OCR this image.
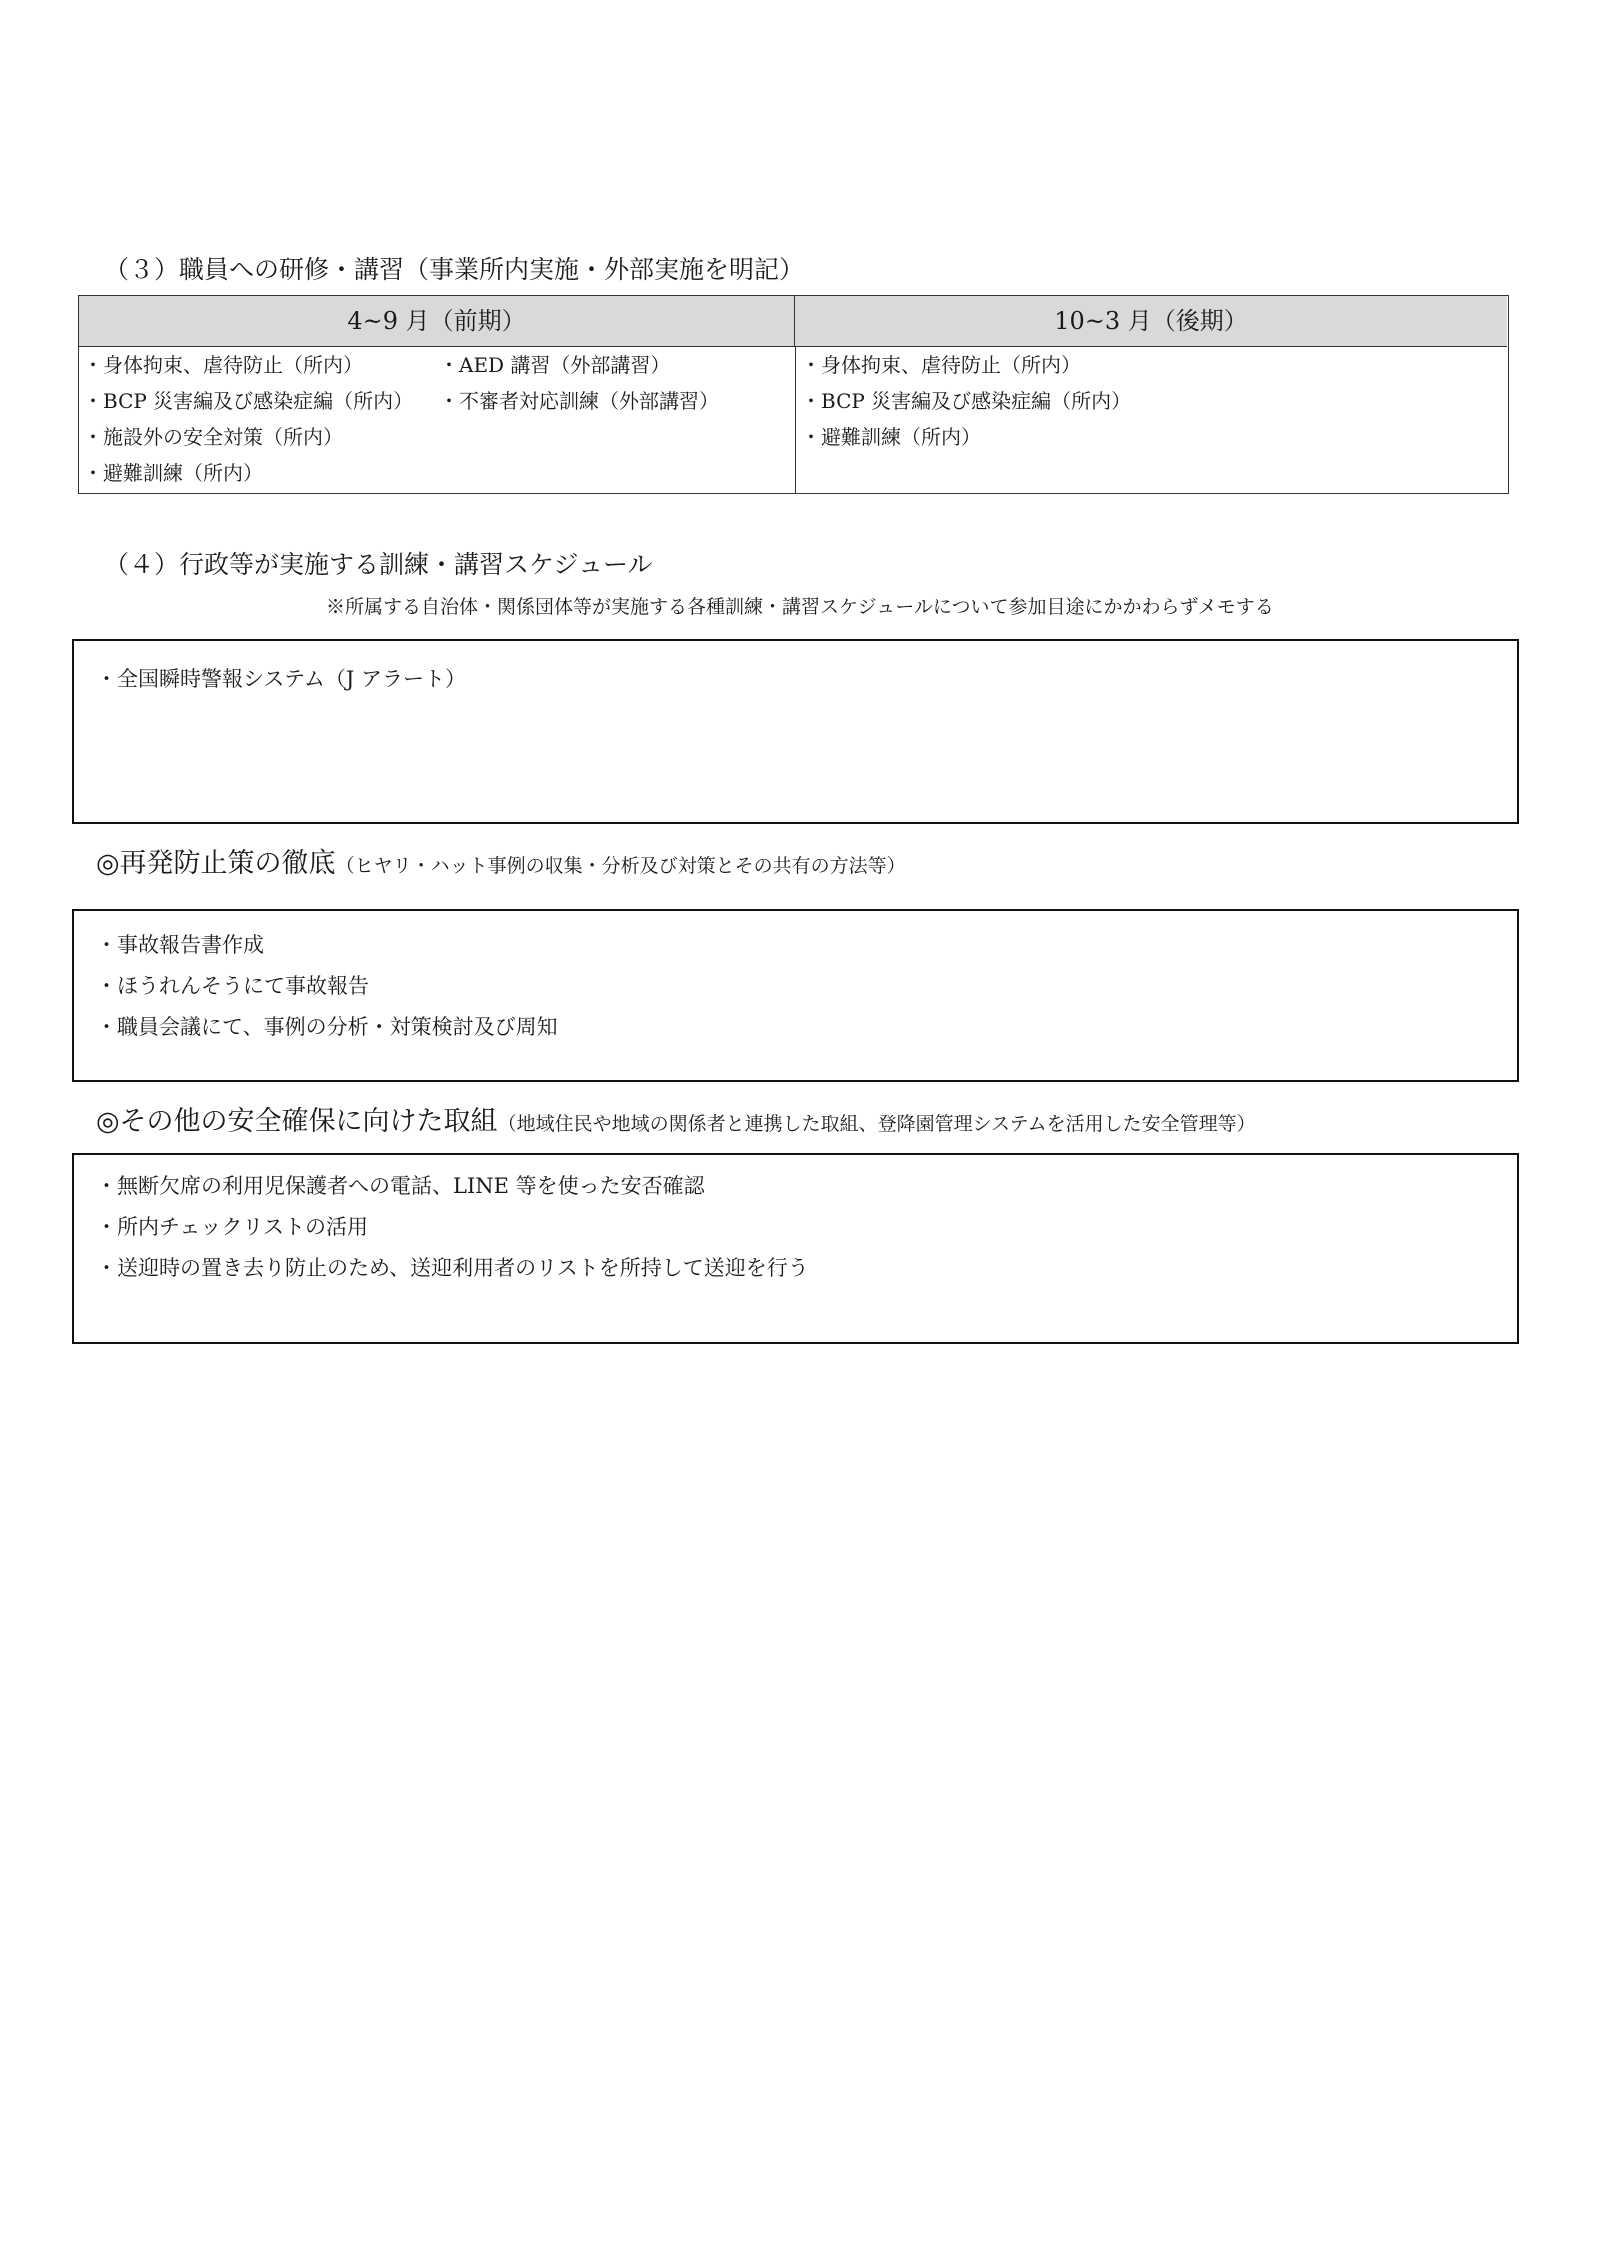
（３）職員への研修・講習（事業所内実施・外部実施を明記）
4~9 月（前期）	10~3 月（後期）
・身体拘束、虐待防止（所内）
・BCP 災害編及び感染症編（所内）
・施設外の安全対策（所内）
・避難訓練（所内）
・AED 講習（外部講習）
・不審者対応訓練（外部講習）
・身体拘束、虐待防止（所内）
・BCP 災害編及び感染症編（所内）
・避難訓練（所内）
（４）行政等が実施する訓練・講習スケジュール
※所属する自治体・関係団体等が実施する各種訓練・講習スケジュールについて参加目途にかかわらずメモする
・全国瞬時警報システム（J アラート）
◎再発防止策の徹底（ヒヤリ・ハット事例の収集・分析及び対策とその共有の方法等）
・事故報告書作成
・ほうれんそうにて事故報告
・職員会議にて、事例の分析・対策検討及び周知
◎その他の安全確保に向けた取組（地域住民や地域の関係者と連携した取組、登降園管理システムを活用した安全管理等）
・無断欠席の利用児保護者への電話、LINE 等を使った安否確認
・所内チェックリストの活用
・送迎時の置き去り防止のため、送迎利用者のリストを所持して送迎を行う
